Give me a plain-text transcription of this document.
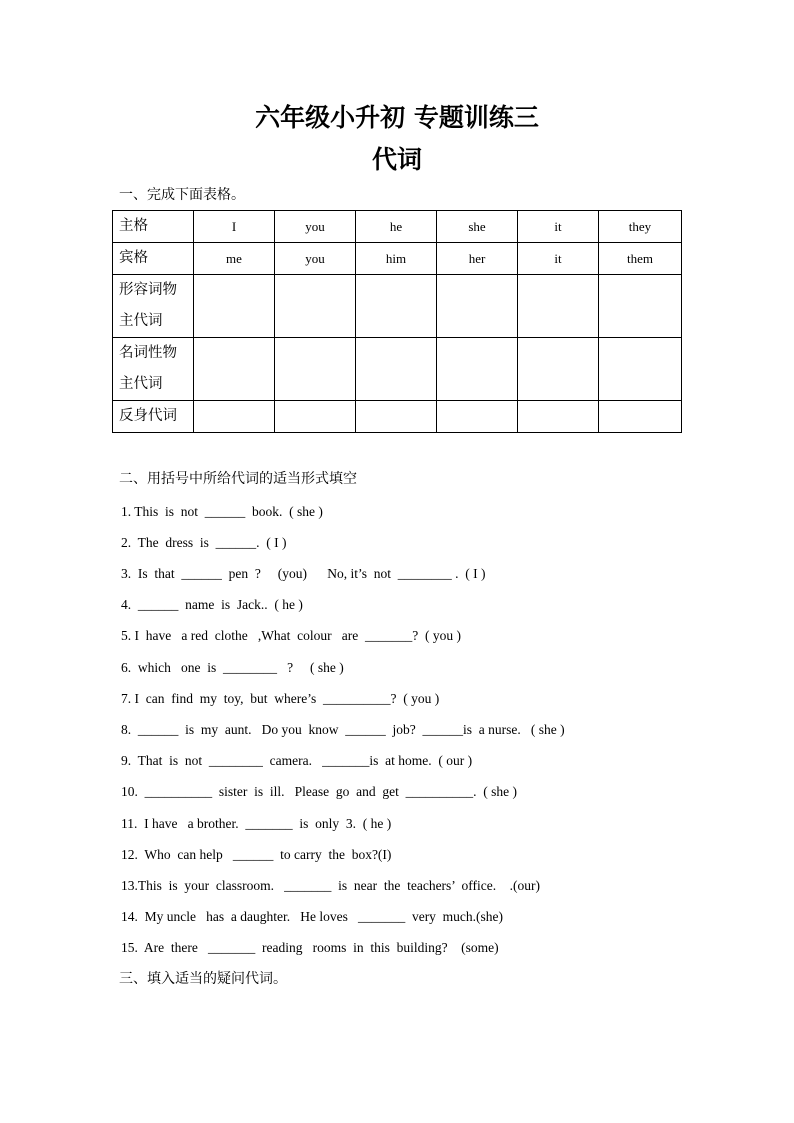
六年级小升初 专题训练三
代词
一、完成下面表格。
主格	I	you	he	she	it	they
宾格	me	you	him	her	it	them

形容词物
主代词						

名词性物
主代词						

反身代词						
二、用括号中所给代词的适当形式填空
1. This  is  not  ______  book.  ( she )
2.  The  dress  is  ______.  ( I )
3.  Is  that  ______  pen  ?     (you)      No, it’s  not  ________ .  ( I )
4.  ______  name  is  Jack..  ( he )
5. I  have   a red  clothe   ,What  colour   are  _______?  ( you )
6.  which   one  is  ________   ?     ( she )
7. I  can  find  my  toy,  but  where’s  __________?  ( you )
8.  ______  is  my  aunt.   Do you  know  ______  job?  ______is  a nurse.   ( she )
9.  That  is  not  ________  camera.   _______is  at home.  ( our )
10.  __________  sister  is  ill.   Please  go  and  get  __________.  ( she )
11.  I have   a brother.  _______  is  only  3.  ( he )
12.  Who  can help   ______  to carry  the  box?(I)
13.This  is  your  classroom.   _______  is  near  the  teachers’  office.    .(our)
14.  My uncle   has  a daughter.   He loves   _______  very  much.(she)
15.  Are  there   _______  reading   rooms  in  this  building?    (some)
三、填入适当的疑问代词。
